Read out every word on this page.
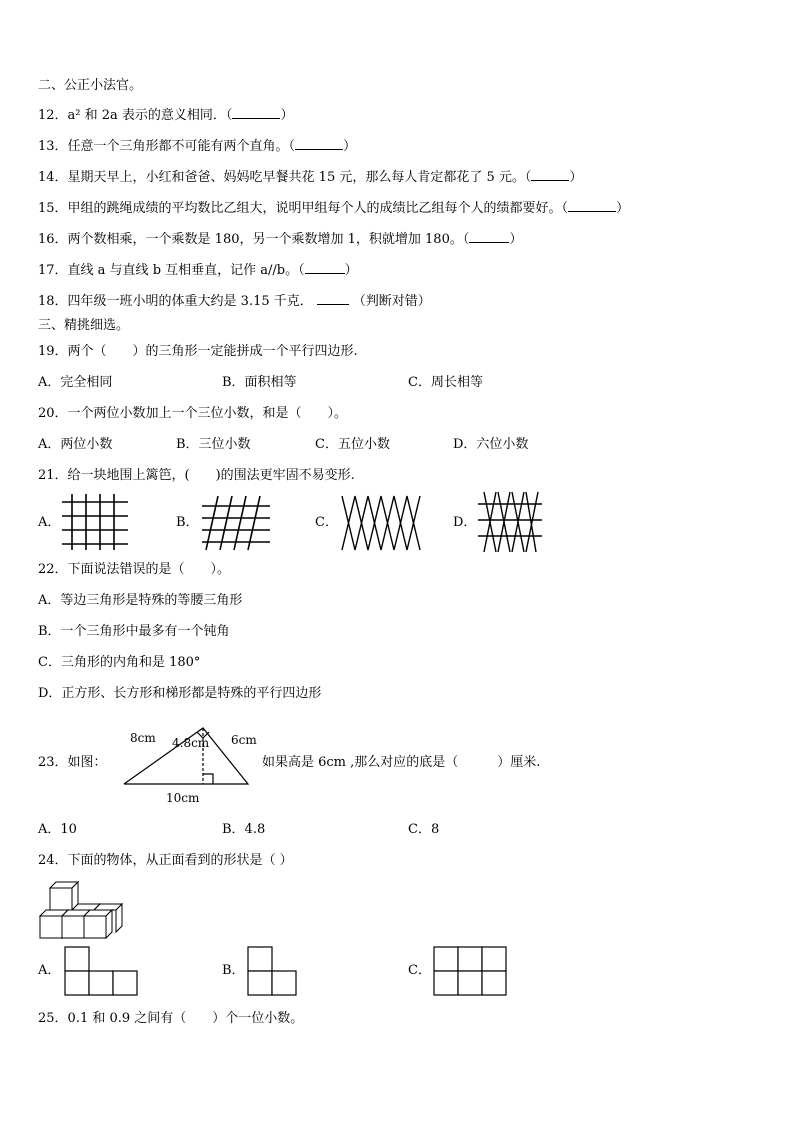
二、公正小法官。
12．a² 和 2a 表示的意义相同．（	）
13．任意一个三角形都不可能有两个直角。（	）
14．星期天早上，小红和爸爸、妈妈吃早餐共花 15 元，那么每人肯定都花了 5 元。（	）
15．甲组的跳绳成绩的平均数比乙组大，说明甲组每个人的成绩比乙组每个人的绩都要好。（	）
16．两个数相乘，一个乘数是 180，另一个乘数增加 1，积就增加 180。（	）
17．直线 a 与直线 b 互相垂直，记作 a//b。（	）
18．四年级一班小明的体重大约是 3.15 千克．	（判断对错）
三、精挑细选。
19．两个（　　）的三角形一定能拼成一个平行四边形.
A．完全相同	B．面积相等	C．周长相等
20．一个两位小数加上一个三位小数，和是（　　）。
A．两位小数	B．三位小数	C．五位小数	D．六位小数
21．给一块地围上篱笆，(　　)的围法更牢固不易变形.
A．	B．	C．	D．
22．下面说法错误的是（　　）。
A．等边三角形是特殊的等腰三角形
B．一个三角形中最多有一个钝角
C．三角形的内角和是 180°
D．正方形、长方形和梯形都是特殊的平行四边形
23．如图：
8cm 4.8cm 6cm
10cm
如果高是 6cm ,那么对应的底是（　　　）厘米.
A．10	B．4.8	C．8
24．下面的物体，从正面看到的形状是（ ）
A．	B．	C．
25．0.1 和 0.9 之间有（　　）个一位小数。
